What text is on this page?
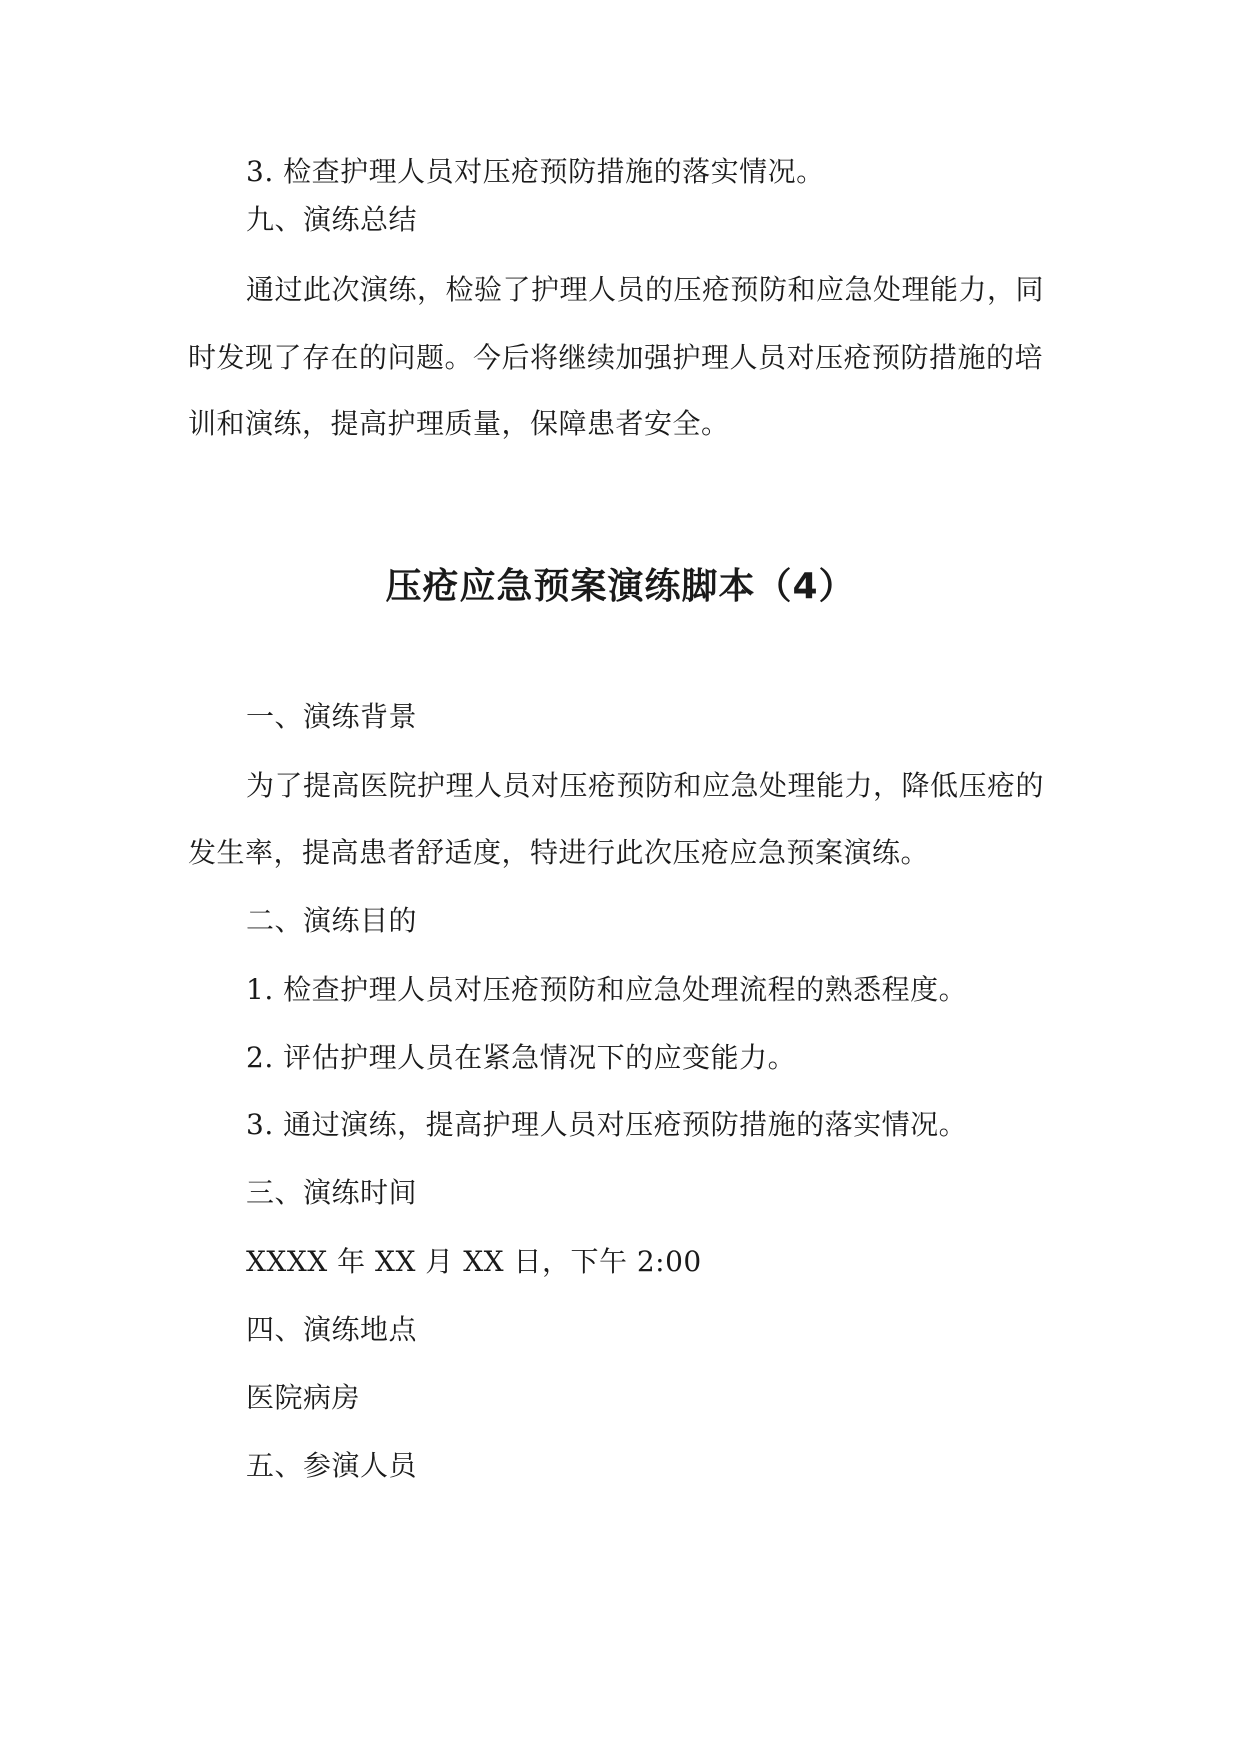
3. 检查护理人员对压疮预防措施的落实情况。
九、演练总结
通过此次演练，检验了护理人员的压疮预防和应急处理能力，同
时发现了存在的问题。今后将继续加强护理人员对压疮预防措施的培
训和演练，提高护理质量，保障患者安全。
压疮应急预案演练脚本（4）
一、演练背景
为了提高医院护理人员对压疮预防和应急处理能力，降低压疮的
发生率，提高患者舒适度，特进行此次压疮应急预案演练。
二、演练目的
1. 检查护理人员对压疮预防和应急处理流程的熟悉程度。
2. 评估护理人员在紧急情况下的应变能力。
3. 通过演练，提高护理人员对压疮预防措施的落实情况。
三、演练时间
XXXX 年 XX 月 XX 日，下午 2:00
四、演练地点
医院病房
五、参演人员
